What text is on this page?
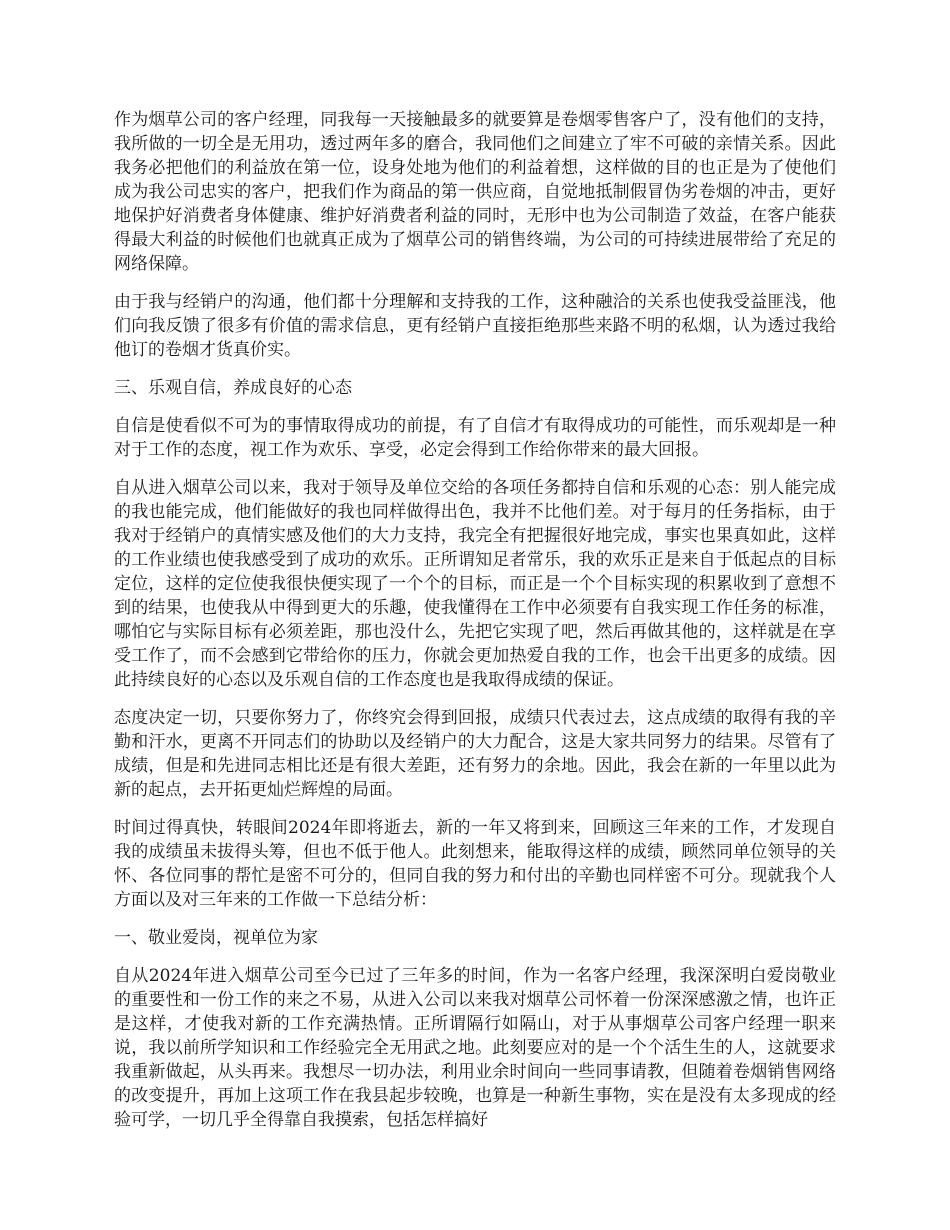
作为烟草公司的客户经理，同我每一天接触最多的就要算是卷烟零售客户了，没有他们的支持，我所做的一切全是无用功，透过两年多的磨合，我同他们之间建立了牢不可破的亲情关系。因此我务必把他们的利益放在第一位，设身处地为他们的利益着想，这样做的目的也正是为了使他们成为我公司忠实的客户，把我们作为商品的第一供应商，自觉地抵制假冒伪劣卷烟的冲击，更好地保护好消费者身体健康、维护好消费者利益的同时，无形中也为公司制造了效益，在客户能获得最大利益的时候他们也就真正成为了烟草公司的销售终端，为公司的可持续进展带给了充足的网络保障。

由于我与经销户的沟通，他们都十分理解和支持我的工作，这种融洽的关系也使我受益匪浅，他们向我反馈了很多有价值的需求信息，更有经销户直接拒绝那些来路不明的私烟，认为透过我给他订的卷烟才货真价实。

三、乐观自信，养成良好的心态

自信是使看似不可为的事情取得成功的前提，有了自信才有取得成功的可能性，而乐观却是一种对于工作的态度，视工作为欢乐、享受，必定会得到工作给你带来的最大回报。

自从进入烟草公司以来，我对于领导及单位交给的各项任务都持自信和乐观的心态：别人能完成的我也能完成，他们能做好的我也同样做得出色，我并不比他们差。对于每月的任务指标，由于我对于经销户的真情实感及他们的大力支持，我完全有把握很好地完成，事实也果真如此，这样的工作业绩也使我感受到了成功的欢乐。正所谓知足者常乐，我的欢乐正是来自于低起点的目标定位，这样的定位使我很快便实现了一个个的目标，而正是一个个目标实现的积累收到了意想不到的结果，也使我从中得到更大的乐趣，使我懂得在工作中必须要有自我实现工作任务的标准，哪怕它与实际目标有必须差距，那也没什么，先把它实现了吧，然后再做其他的，这样就是在享受工作了，而不会感到它带给你的压力，你就会更加热爱自我的工作，也会干出更多的成绩。因此持续良好的心态以及乐观自信的工作态度也是我取得成绩的保证。

态度决定一切，只要你努力了，你终究会得到回报，成绩只代表过去，这点成绩的取得有我的辛勤和汗水，更离不开同志们的协助以及经销户的大力配合，这是大家共同努力的结果。尽管有了成绩，但是和先进同志相比还是有很大差距，还有努力的余地。因此，我会在新的一年里以此为新的起点，去开拓更灿烂辉煌的局面。

时间过得真快，转眼间2024年即将逝去，新的一年又将到来，回顾这三年来的工作，才发现自我的成绩虽未拔得头筹，但也不低于他人。此刻想来，能取得这样的成绩，顾然同单位领导的关怀、各位同事的帮忙是密不可分的，但同自我的努力和付出的辛勤也同样密不可分。现就我个人方面以及对三年来的工作做一下总结分析：

一、敬业爱岗，视单位为家

自从2024年进入烟草公司至今已过了三年多的时间，作为一名客户经理，我深深明白爱岗敬业的重要性和一份工作的来之不易，从进入公司以来我对烟草公司怀着一份深深感激之情，也许正是这样，才使我对新的工作充满热情。正所谓隔行如隔山，对于从事烟草公司客户经理一职来说，我以前所学知识和工作经验完全无用武之地。此刻要应对的是一个个活生生的人，这就要求我重新做起，从头再来。我想尽一切办法，利用业余时间向一些同事请教，但随着卷烟销售网络的改变提升，再加上这项工作在我县起步较晚，也算是一种新生事物，实在是没有太多现成的经验可学，一切几乎全得靠自我摸索，包括怎样搞好
